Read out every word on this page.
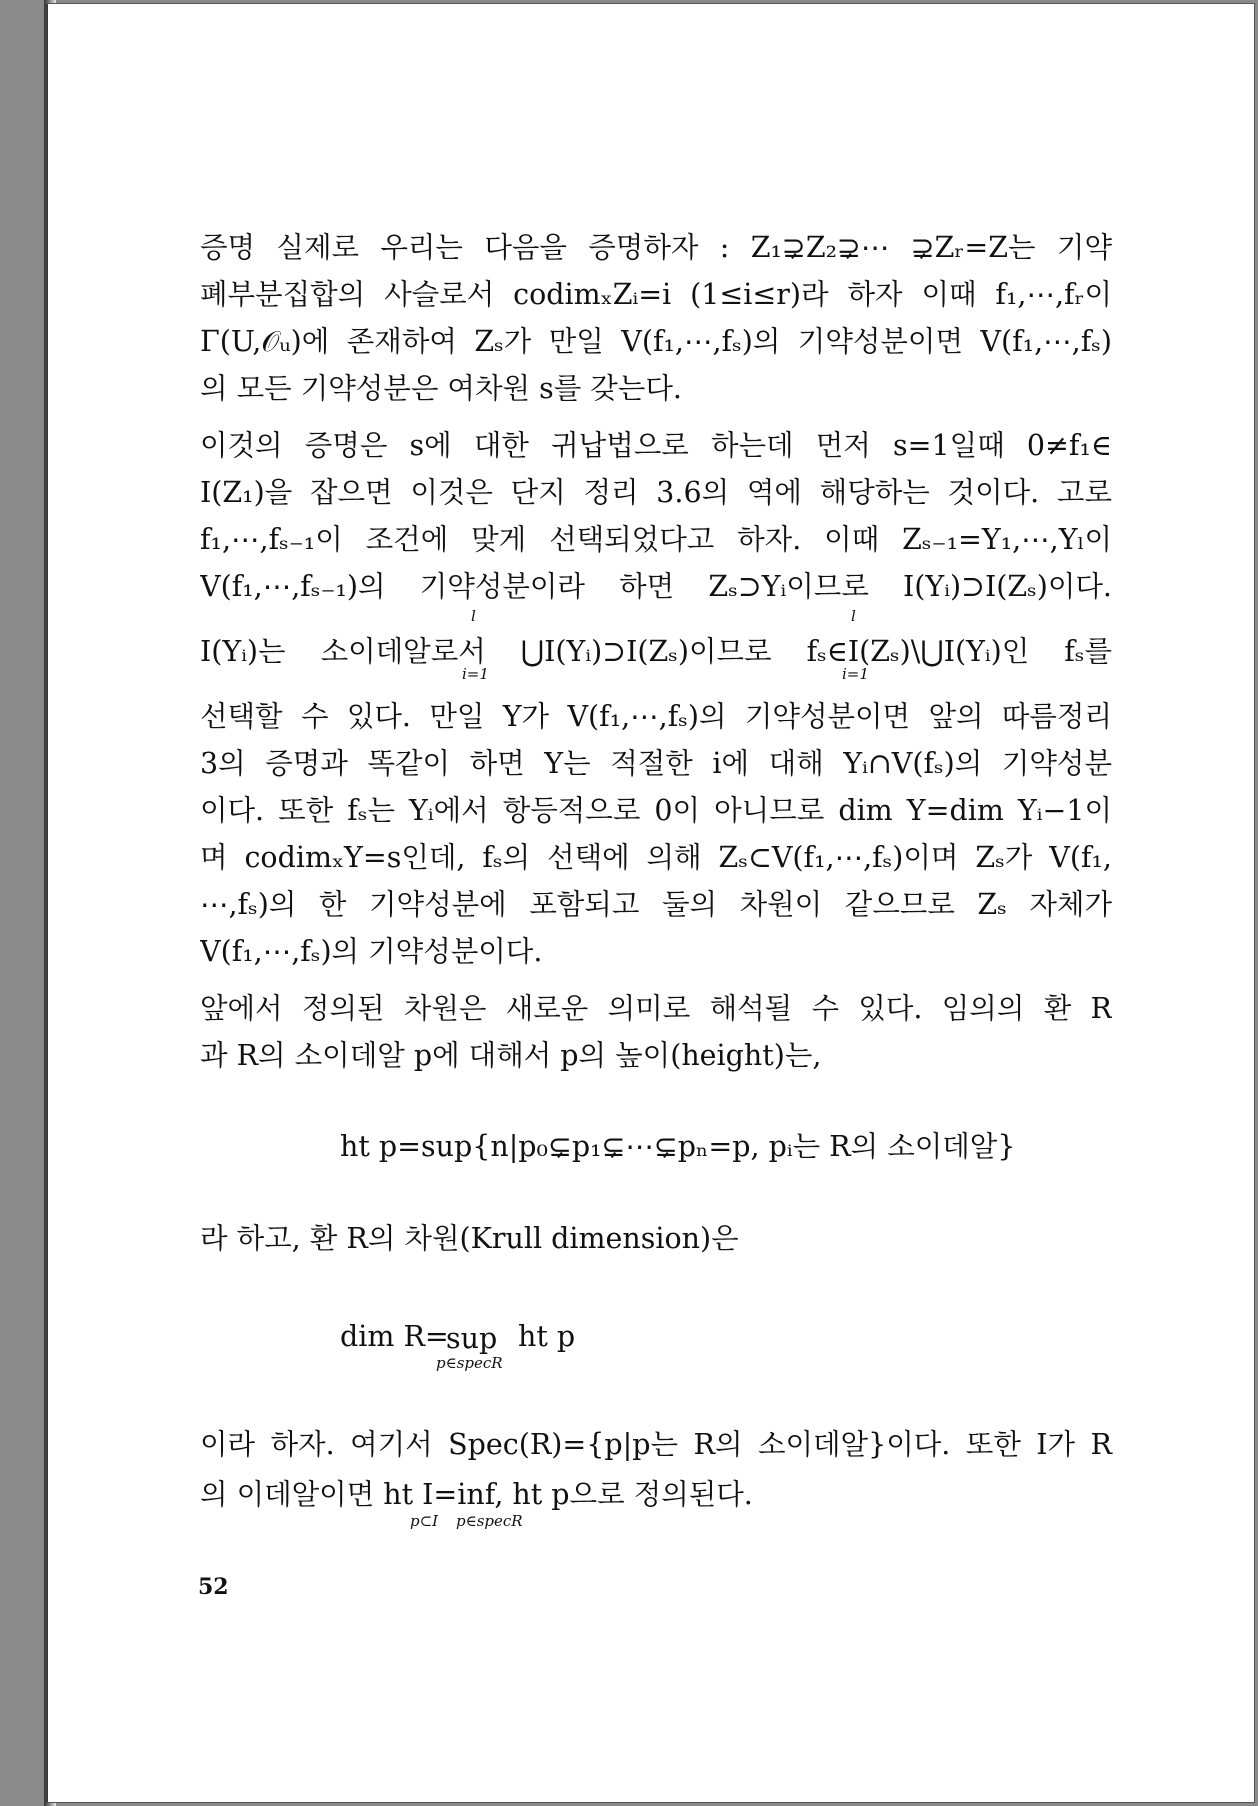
증명 실제로 우리는 다음을 증명하자 : Z₁⊋Z₂⊋⋯ ⊋Zᵣ=Z는 기약
폐부분집합의 사슬로서 codimₓZᵢ=i (1≤i≤r)라 하자 이때 f₁,⋯,fᵣ이
Γ(U,𝒪ᵤ)에 존재하여 Zₛ가 만일 V(f₁,⋯,fₛ)의 기약성분이면 V(f₁,⋯,fₛ)
의 모든 기약성분은 여차원 s를 갖는다.
이것의 증명은 s에 대한 귀납법으로 하는데 먼저 s=1일때 0≠f₁∈
I(Z₁)을 잡으면 이것은 단지 정리 3.6의 역에 해당하는 것이다. 고로
f₁,⋯,fₛ₋₁이 조건에 맞게 선택되었다고 하자. 이때 Zₛ₋₁=Y₁,⋯,Yₗ이
V(f₁,⋯,fₛ₋₁)의 기약성분이라 하면 Zₛ⊃Yᵢ이므로 I(Yᵢ)⊃I(Zₛ)이다.
I(Yᵢ)는 소이데알로서 ⋃I(Yᵢ)⊃I(Zₛ)이므로 fₛ∈I(Zₛ)\⋃I(Yᵢ)인 fₛ를
l
i=1
l
i=1
선택할 수 있다. 만일 Y가 V(f₁,⋯,fₛ)의 기약성분이면 앞의 따름정리
3의 증명과 똑같이 하면 Y는 적절한 i에 대해 Yᵢ∩V(fₛ)의 기약성분
이다. 또한 fₛ는 Yᵢ에서 항등적으로 0이 아니므로 dim Y=dim Yᵢ−1이
며 codimₓY=s인데, fₛ의 선택에 의해 Zₛ⊂V(f₁,⋯,fₛ)이며 Zₛ가 V(f₁,
⋯,fₛ)의 한 기약성분에 포함되고 둘의 차원이 같으므로 Zₛ 자체가
V(f₁,⋯,fₛ)의 기약성분이다.
앞에서 정의된 차원은 새로운 의미로 해석될 수 있다. 임의의 환 R
과 R의 소이데알 p에 대해서 p의 높이(height)는,
ht p=sup{n|p₀⊊p₁⊊⋯⊊pₙ=p, pᵢ는 R의 소이데알}
라 하고, 환 R의 차원(Krull dimension)은
dim R=
sup
p∈specR
ht p
이라 하자. 여기서 Spec(R)={p|p는 R의 소이데알}이다. 또한 I가 R
의 이데알이면 ht I=inf, ht p으로 정의된다.
p⊂I p∈specR
52
